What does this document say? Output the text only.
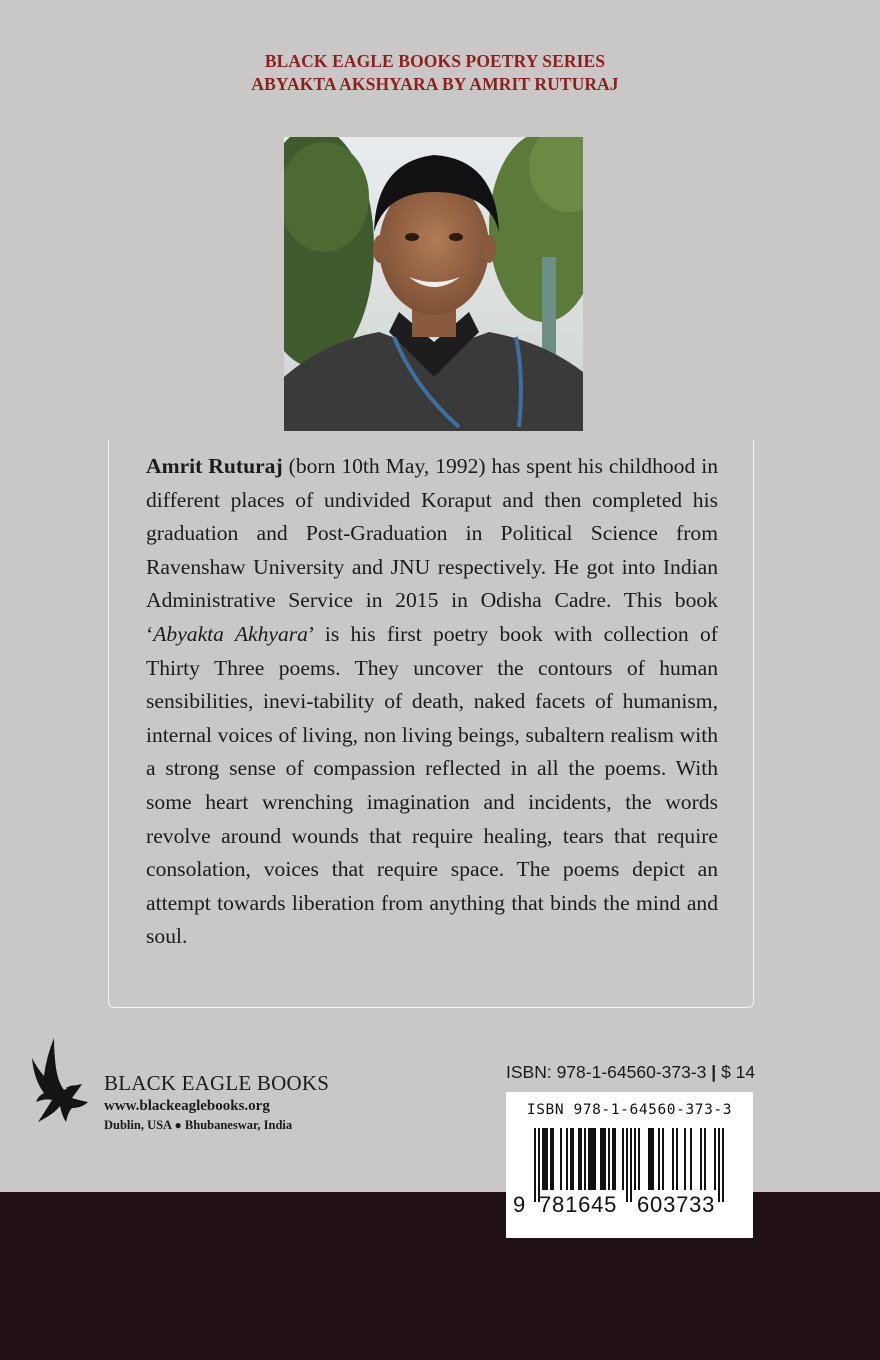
BLACK EAGLE BOOKS POETRY SERIES
ABYAKTA AKSHYARA BY AMRIT RUTURAJ

Amrit Ruturaj (born 10th May, 1992) has spent his childhood in different places of undivided Koraput and then completed his graduation and Post-Graduation in Political Science from Ravenshaw University and JNU respectively. He got into Indian Administrative Service in 2015 in Odisha Cadre. This book ‘Abyakta Akhyara’ is his first poetry book with collection of Thirty Three poems. They uncover the contours of human sensibilities, inevi-tability of death, naked facets of humanism, internal voices of living, non living beings, subaltern realism with a strong sense of compassion reflected in all the poems. With some heart wrenching imagination and incidents, the words revolve around wounds that require healing, tears that require consolation, voices that require space. The poems depict an attempt towards liberation from anything that binds the mind and soul.

BLACK EAGLE BOOKS
www.blackeaglebooks.org
Dublin, USA ● Bhubaneswar, India
ISBN: 978-1-64560-373-3 | $ 14
ISBN 978-1-64560-373-3
9 781645 603733
